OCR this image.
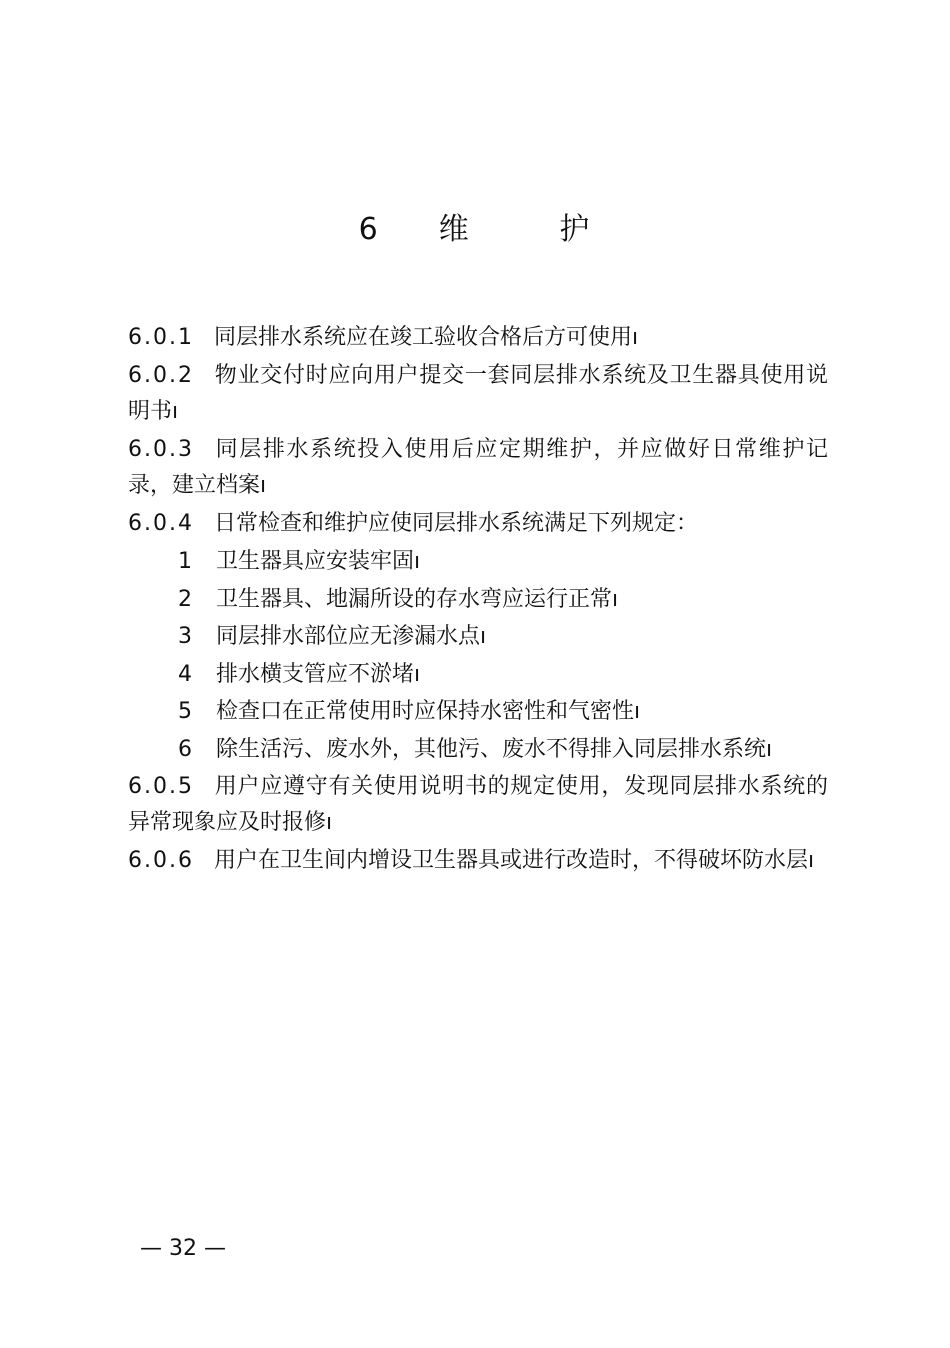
6  维   护
6.0.1 同层排水系统应在竣工验收合格后方可使用ı
6.0.2 物业交付时应向用户提交一套同层排水系统及卫生器具使用说明书ı
6.0.3 同层排水系统投入使用后应定期维护，并应做好日常维护记录，建立档案ı
6.0.4 日常检查和维护应使同层排水系统满足下列规定：
1 卫生器具应安装牢固ı
2 卫生器具、地漏所设的存水弯应运行正常ı
3 同层排水部位应无渗漏水点ı
4 排水横支管应不淤堵ı
5 检查口在正常使用时应保持水密性和气密性ı
6 除生活污、废水外，其他污、废水不得排入同层排水系统ı
6.0.5 用户应遵守有关使用说明书的规定使用，发现同层排水系统的异常现象应及时报修ı
6.0.6 用户在卫生间内增设卫生器具或进行改造时，不得破坏防水层ı
— 32 —
